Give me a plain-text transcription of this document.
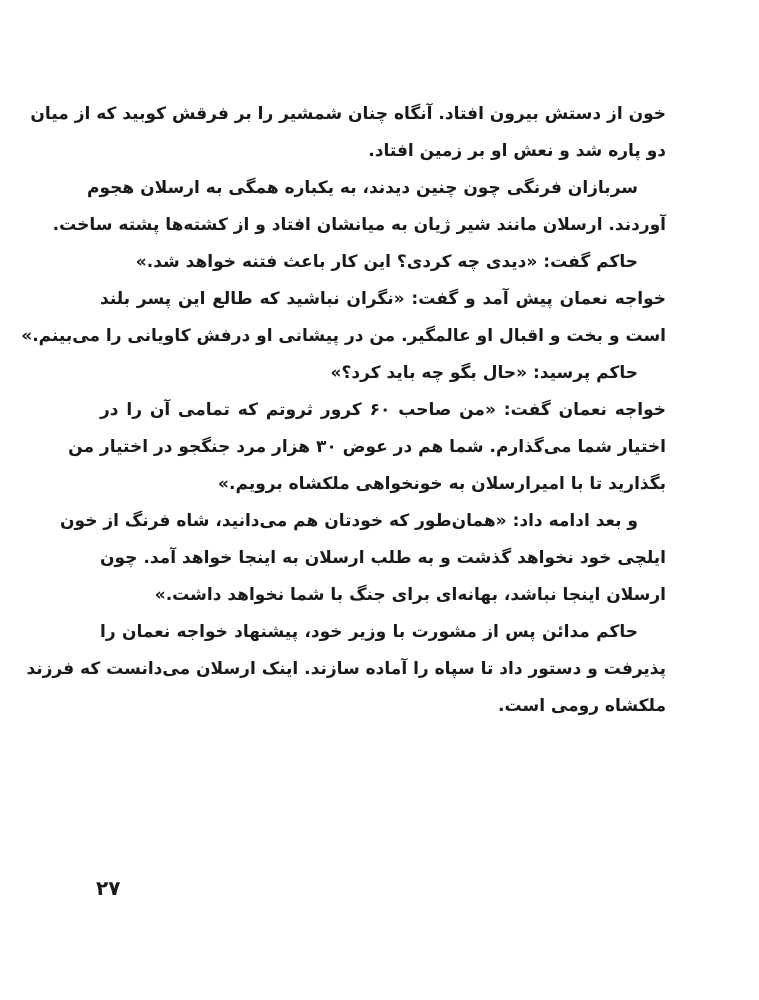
خون از دستش بیرون افتاد. آنگاه چنان شمشیر را بر فرقش کوبید که از میان
دو پاره شد و نعش او بر زمین افتاد.
سربازان فرنگی چون چنین دیدند، به یکباره همگی به ارسلان هجوم
آوردند. ارسلان مانند شیر ژیان به میانشان افتاد و از کشته‌ها پشته ساخت.
حاکم گفت: «دیدی چه کردی؟ این کار باعث فتنه خواهد شد.»
خواجه نعمان پیش آمد و گفت: «نگران نباشید که طالع این پسر بلند
است و بخت و اقبال او عالمگیر. من در پیشانی او درفش کاویانی را می‌بینم.»
حاکم پرسید: «حال بگو چه باید کرد؟»
خواجه نعمان گفت: «من صاحب ۶۰ کرور ثروتم که تمامی آن را در
اختیار شما می‌گذارم. شما هم در عوض ۳۰ هزار مرد جنگجو در اختیار من
بگذارید تا با امیرارسلان به خونخواهی ملکشاه برویم.»
و بعد ادامه داد: «همان‌طور که خودتان هم می‌دانید، شاه فرنگ از خون
ایلچی خود نخواهد گذشت و به طلب ارسلان به اینجا خواهد آمد. چون
ارسلان اینجا نباشد، بهانه‌ای برای جنگ با شما نخواهد داشت.»
حاکم مدائن پس از مشورت با وزیر خود، پیشنهاد خواجه نعمان را
پذیرفت و دستور داد تا سپاه را آماده سازند. اینک ارسلان می‌دانست که فرزند
ملکشاه رومی است.
۲۷
